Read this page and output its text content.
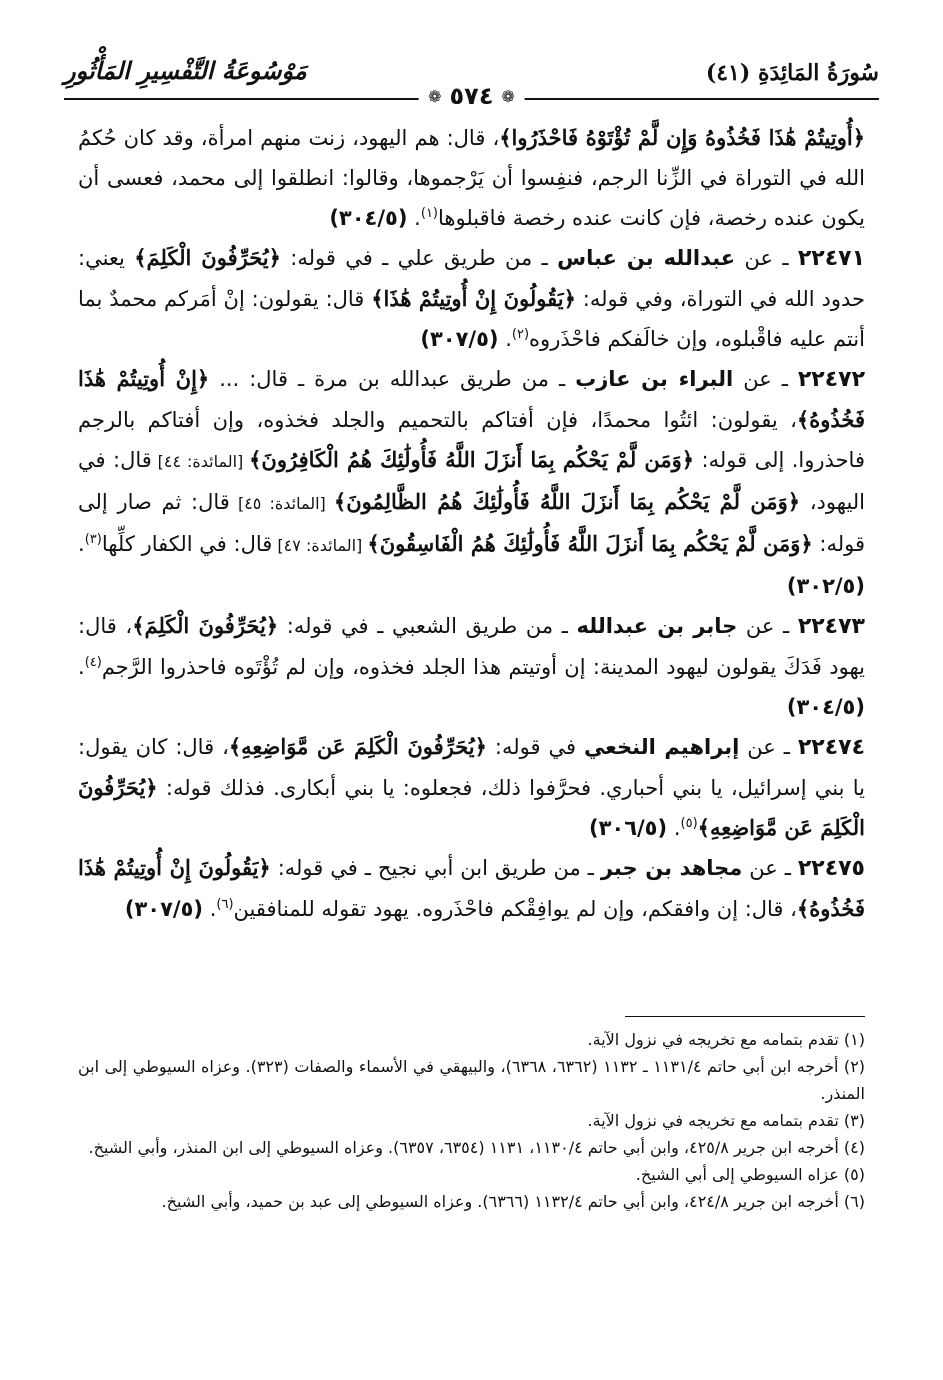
سُورَةُ المَائِدَةِ (٤١)
مَوْسُوعَةُ التَّفْسِيرِ المَأْثُورِ
❁
٥٧٤
❁

﴿أُوتِيتُمْ هَٰذَا فَخُذُوهُ وَإِن لَّمْ تُؤْتَوْهُ فَاحْذَرُوا﴾، قال: هم اليهود، زنت منهم امرأة، وقد كان حُكمُ الله في التوراة في الزِّنا الرجم، فنفِسوا أن يَرْجموها، وقالوا: انطلقوا إلى محمد، فعسى أن يكون عنده رخصة، فإن كانت عنده رخصة فاقبلوها$^{(١)}$. (٣٠٤/٥)

٢٢٤٧١ ـ عن عبدالله بن عباس ـ من طريق علي ـ في قوله: ﴿يُحَرِّفُونَ الْكَلِمَ﴾ يعني: حدود الله في التوراة، وفي قوله: ﴿يَقُولُونَ إِنْ أُوتِيتُمْ هَٰذَا﴾ قال: يقولون: إنْ أمَركم محمدٌ بما أنتم عليه فاقْبلوه، وإن خالَفكم فاحْذَروه$^{(٢)}$. (٣٠٧/٥)

٢٢٤٧٢ ـ عن البراء بن عازب ـ من طريق عبدالله بن مرة ـ قال: ... ﴿إِنْ أُوتِيتُمْ هَٰذَا فَخُذُوهُ﴾، يقولون: ائتُوا محمدًا، فإن أفتاكم بالتحميم والجلد فخذوه، وإن أفتاكم بالرجم فاحذروا. إلى قوله: ﴿وَمَن لَّمْ يَحْكُم بِمَا أَنزَلَ اللَّهُ فَأُولَٰئِكَ هُمُ الْكَافِرُونَ﴾ [المائدة: ٤٤] قال: في اليهود، ﴿وَمَن لَّمْ يَحْكُم بِمَا أَنزَلَ اللَّهُ فَأُولَٰئِكَ هُمُ الظَّالِمُونَ﴾ [المائدة: ٤٥] قال: ثم صار إلى قوله: ﴿وَمَن لَّمْ يَحْكُم بِمَا أَنزَلَ اللَّهُ فَأُولَٰئِكَ هُمُ الْفَاسِقُونَ﴾ [المائدة: ٤٧] قال: في الكفار كلِّها$^{(٣)}$. (٣٠٢/٥)

٢٢٤٧٣ ـ عن جابر بن عبدالله ـ من طريق الشعبي ـ في قوله: ﴿يُحَرِّفُونَ الْكَلِمَ﴾، قال: يهود فَدَكَ يقولون ليهود المدينة: إن أوتيتم هذا الجلد فخذوه، وإن لم تُؤْتَوه فاحذروا الرَّجم$^{(٤)}$. (٣٠٤/٥)

٢٢٤٧٤ ـ عن إبراهيم النخعي في قوله: ﴿يُحَرِّفُونَ الْكَلِمَ عَن مَّوَاضِعِهِ﴾، قال: كان يقول: يا بني إسرائيل، يا بني أحباري. فحرَّفوا ذلك، فجعلوه: يا بني أبكارى. فذلك قوله: ﴿يُحَرِّفُونَ الْكَلِمَ عَن مَّوَاضِعِهِ﴾$^{(٥)}$. (٣٠٦/٥)

٢٢٤٧٥ ـ عن مجاهد بن جبر ـ من طريق ابن أبي نجيح ـ في قوله: ﴿يَقُولُونَ إِنْ أُوتِيتُمْ هَٰذَا فَخُذُوهُ﴾، قال: إن وافقكم، وإن لم يوافِقْكم فاحْذَروه. يهود تقوله للمنافقين$^{(٦)}$. (٣٠٧/٥)

(١) تقدم بتمامه مع تخريجه في نزول الآية.

(٢) أخرجه ابن أبي حاتم ١١٣١/٤ ـ ١١٣٢ (٦٣٦٢، ٦٣٦٨)، والبيهقي في الأسماء والصفات (٣٢٣). وعزاه السيوطي إلى ابن المنذر.

(٣) تقدم بتمامه مع تخريجه في نزول الآية.

(٤) أخرجه ابن جرير ٤٢٥/٨، وابن أبي حاتم ١١٣٠/٤، ١١٣١ (٦٣٥٤، ٦٣٥٧). وعزاه السيوطي إلى ابن المنذر، وأبي الشيخ.

(٥) عزاه السيوطي إلى أبي الشيخ.

(٦) أخرجه ابن جرير ٤٢٤/٨، وابن أبي حاتم ١١٣٢/٤ (٦٣٦٦). وعزاه السيوطي إلى عبد بن حميد، وأبي الشيخ.
